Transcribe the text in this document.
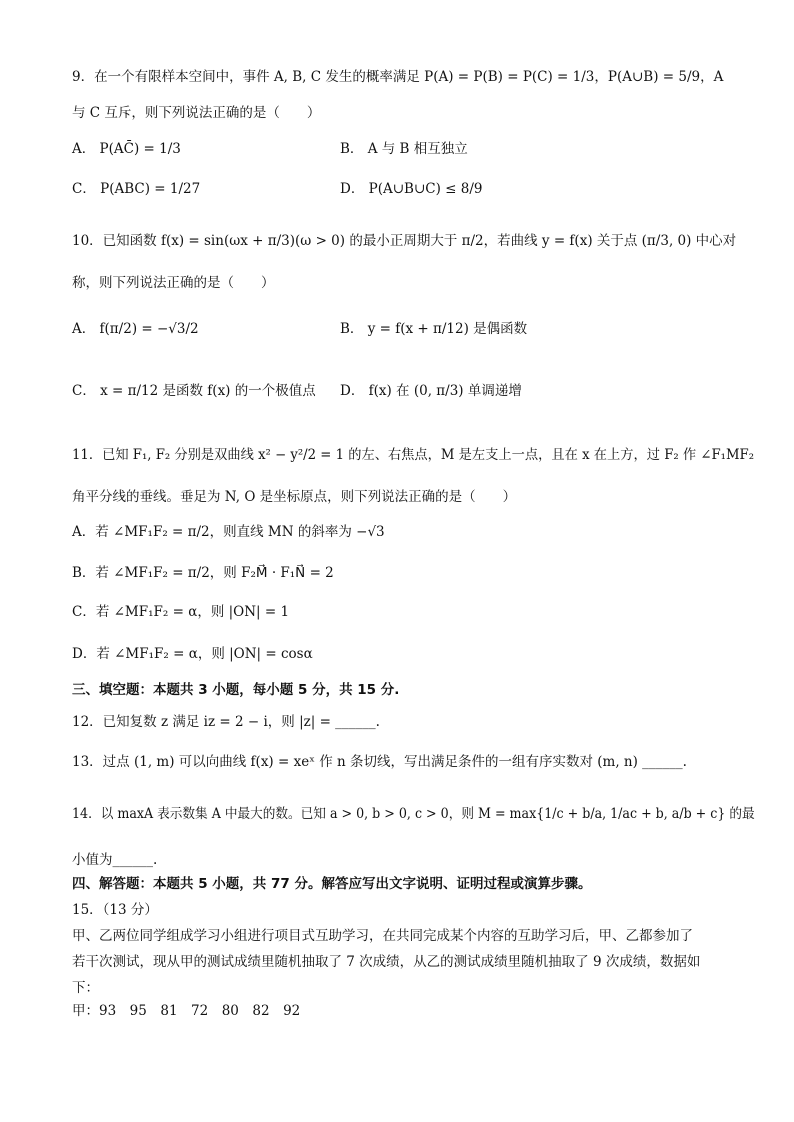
9．在一个有限样本空间中，事件 A, B, C 发生的概率满足 P(A) = P(B) = P(C) = 1/3，P(A∪B) = 5/9，A
与 C 互斥，则下列说法正确的是（　　）
A． P(AC̄) = 1/3	B． A 与 B 相互独立
C． P(ABC) = 1/27	D． P(A∪B∪C) ≤ 8/9
10．已知函数 f(x) = sin(ωx + π/3)(ω > 0) 的最小正周期大于 π/2，若曲线 y = f(x) 关于点 (π/3, 0) 中心对
称，则下列说法正确的是（　　）
A． f(π/2) = −√3/2	B． y = f(x + π/12) 是偶函数
C． x = π/12 是函数 f(x) 的一个极值点 D． f(x) 在 (0, π/3) 单调递增
11．已知 F₁, F₂ 分别是双曲线 x² − y²/2 = 1 的左、右焦点，M 是左支上一点，且在 x 在上方，过 F₂ 作 ∠F₁MF₂
角平分线的垂线。垂足为 N, O 是坐标原点，则下列说法正确的是（　　）
A．若 ∠MF₁F₂ = π/2，则直线 MN 的斜率为 −√3
B．若 ∠MF₁F₂ = π/2，则 F₂M⃗ · F₁N⃗ = 2
C．若 ∠MF₁F₂ = α，则 |ON| = 1
D．若 ∠MF₁F₂ = α，则 |ON| = cosα
三、填空题：本题共 3 小题，每小题 5 分，共 15 分.
12．已知复数 z 满足 iz = 2 − i，则 |z| = ______.
13．过点 (1, m) 可以向曲线 f(x) = xeˣ 作 n 条切线，写出满足条件的一组有序实数对 (m, n) ______.
14．以 maxA 表示数集 A 中最大的数。已知 a > 0, b > 0, c > 0，则 M = max{1/c + b/a, 1/ac + b, a/b + c} 的最
小值为______.
四、解答题：本题共 5 小题，共 77 分。解答应写出文字说明、证明过程或演算步骤。
15．（13 分）
甲、乙两位同学组成学习小组进行项目式互助学习，在共同完成某个内容的互助学习后，甲、乙都参加了
若干次测试，现从甲的测试成绩里随机抽取了 7 次成绩，从乙的测试成绩里随机抽取了 9 次成绩，数据如
下：
甲：93　95　81　72　80　82　92
